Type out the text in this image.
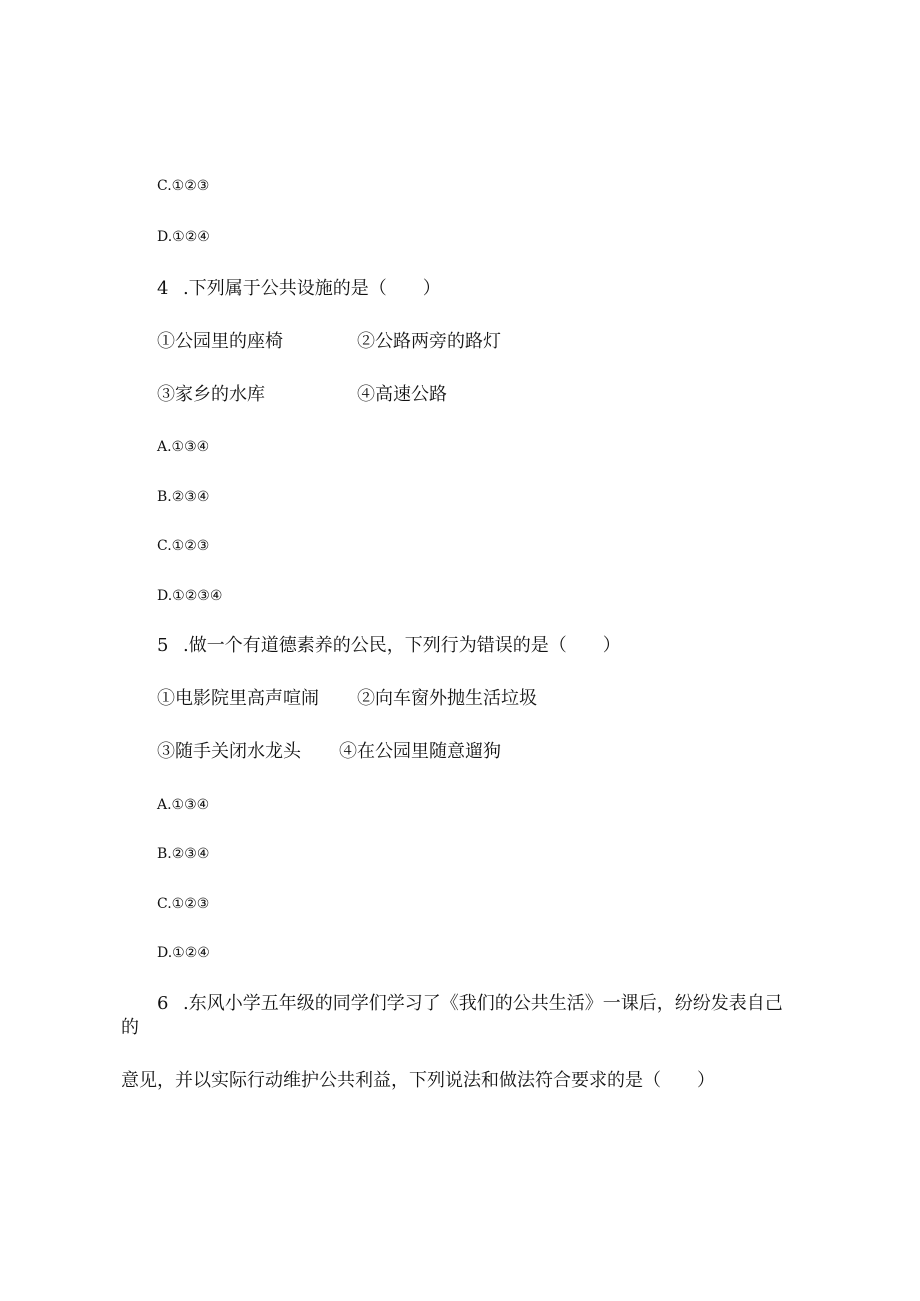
C.①②③
D.①②④
4 .下列属于公共设施的是（　　）
①公园里的座椅	②公路两旁的路灯
③家乡的水库	④高速公路
A.①③④
B.②③④
C.①②③
D.①②③④
5 .做一个有道德素养的公民，下列行为错误的是（　　）
①电影院里高声喧闹 ②向车窗外抛生活垃圾
③随手关闭水龙头 ④在公园里随意遛狗
A.①③④
B.②③④
C.①②③
D.①②④
6 .东风小学五年级的同学们学习了《我们的公共生活》一课后，纷纷发表自己
的
意见，并以实际行动维护公共利益，下列说法和做法符合要求的是（　　）
